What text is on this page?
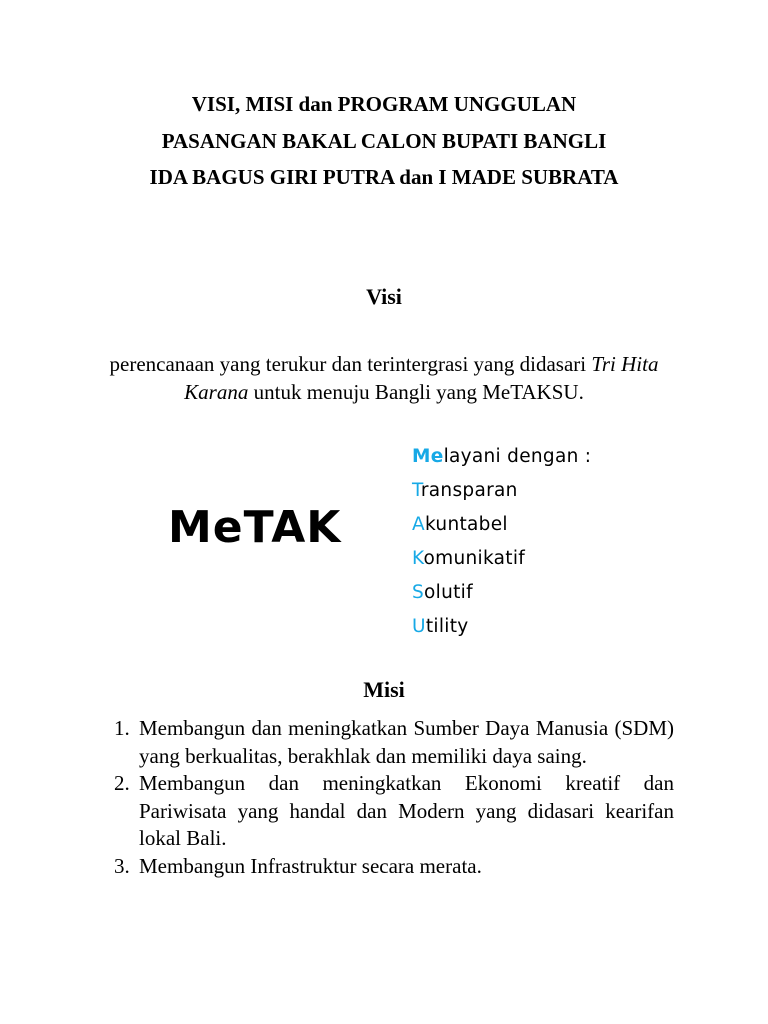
VISI, MISI dan PROGRAM UNGGULAN
PASANGAN BAKAL CALON BUPATI BANGLI
IDA BAGUS GIRI PUTRA dan I MADE SUBRATA
Visi
perencanaan yang terukur dan terintergrasi yang didasari Tri Hita Karana untuk menuju Bangli yang MeTAKSU.
MeTAK
Melayani dengan :
Transparan
Akuntabel
Komunikatif
Solutif
Utility
Misi
1. Membangun dan meningkatkan Sumber Daya Manusia (SDM) yang berkualitas, berakhlak dan memiliki daya saing.
2. Membangun dan meningkatkan Ekonomi kreatif dan Pariwisata yang handal dan Modern yang didasari kearifan lokal Bali.
3. Membangun Infrastruktur secara merata.
